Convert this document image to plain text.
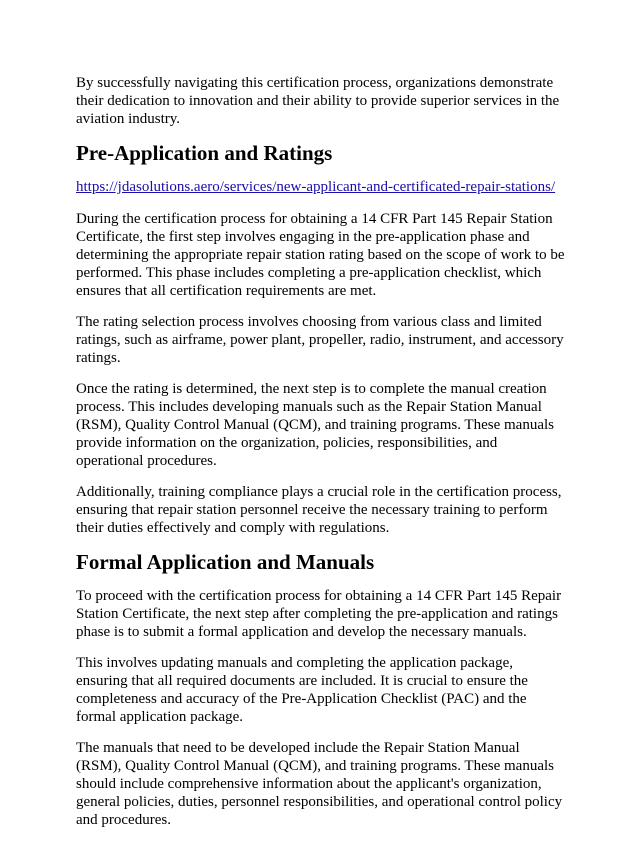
By successfully navigating this certification process, organizations demonstrate their dedication to innovation and their ability to provide superior services in the aviation industry.

Pre-Application and Ratings

https://jdasolutions.aero/services/new-applicant-and-certificated-repair-stations/

During the certification process for obtaining a 14 CFR Part 145 Repair Station Certificate, the first step involves engaging in the pre-application phase and determining the appropriate repair station rating based on the scope of work to be performed. This phase includes completing a pre-application checklist, which ensures that all certification requirements are met.

The rating selection process involves choosing from various class and limited ratings, such as airframe, power plant, propeller, radio, instrument, and accessory ratings.

Once the rating is determined, the next step is to complete the manual creation process. This includes developing manuals such as the Repair Station Manual (RSM), Quality Control Manual (QCM), and training programs. These manuals provide information on the organization, policies, responsibilities, and operational procedures.

Additionally, training compliance plays a crucial role in the certification process, ensuring that repair station personnel receive the necessary training to perform their duties effectively and comply with regulations.

Formal Application and Manuals

To proceed with the certification process for obtaining a 14 CFR Part 145 Repair Station Certificate, the next step after completing the pre-application and ratings phase is to submit a formal application and develop the necessary manuals.

This involves updating manuals and completing the application package, ensuring that all required documents are included. It is crucial to ensure the completeness and accuracy of the Pre-Application Checklist (PAC) and the formal application package.

The manuals that need to be developed include the Repair Station Manual (RSM), Quality Control Manual (QCM), and training programs. These manuals should include comprehensive information about the applicant's organization, general policies, duties, personnel responsibilities, and operational control policy and procedures.
